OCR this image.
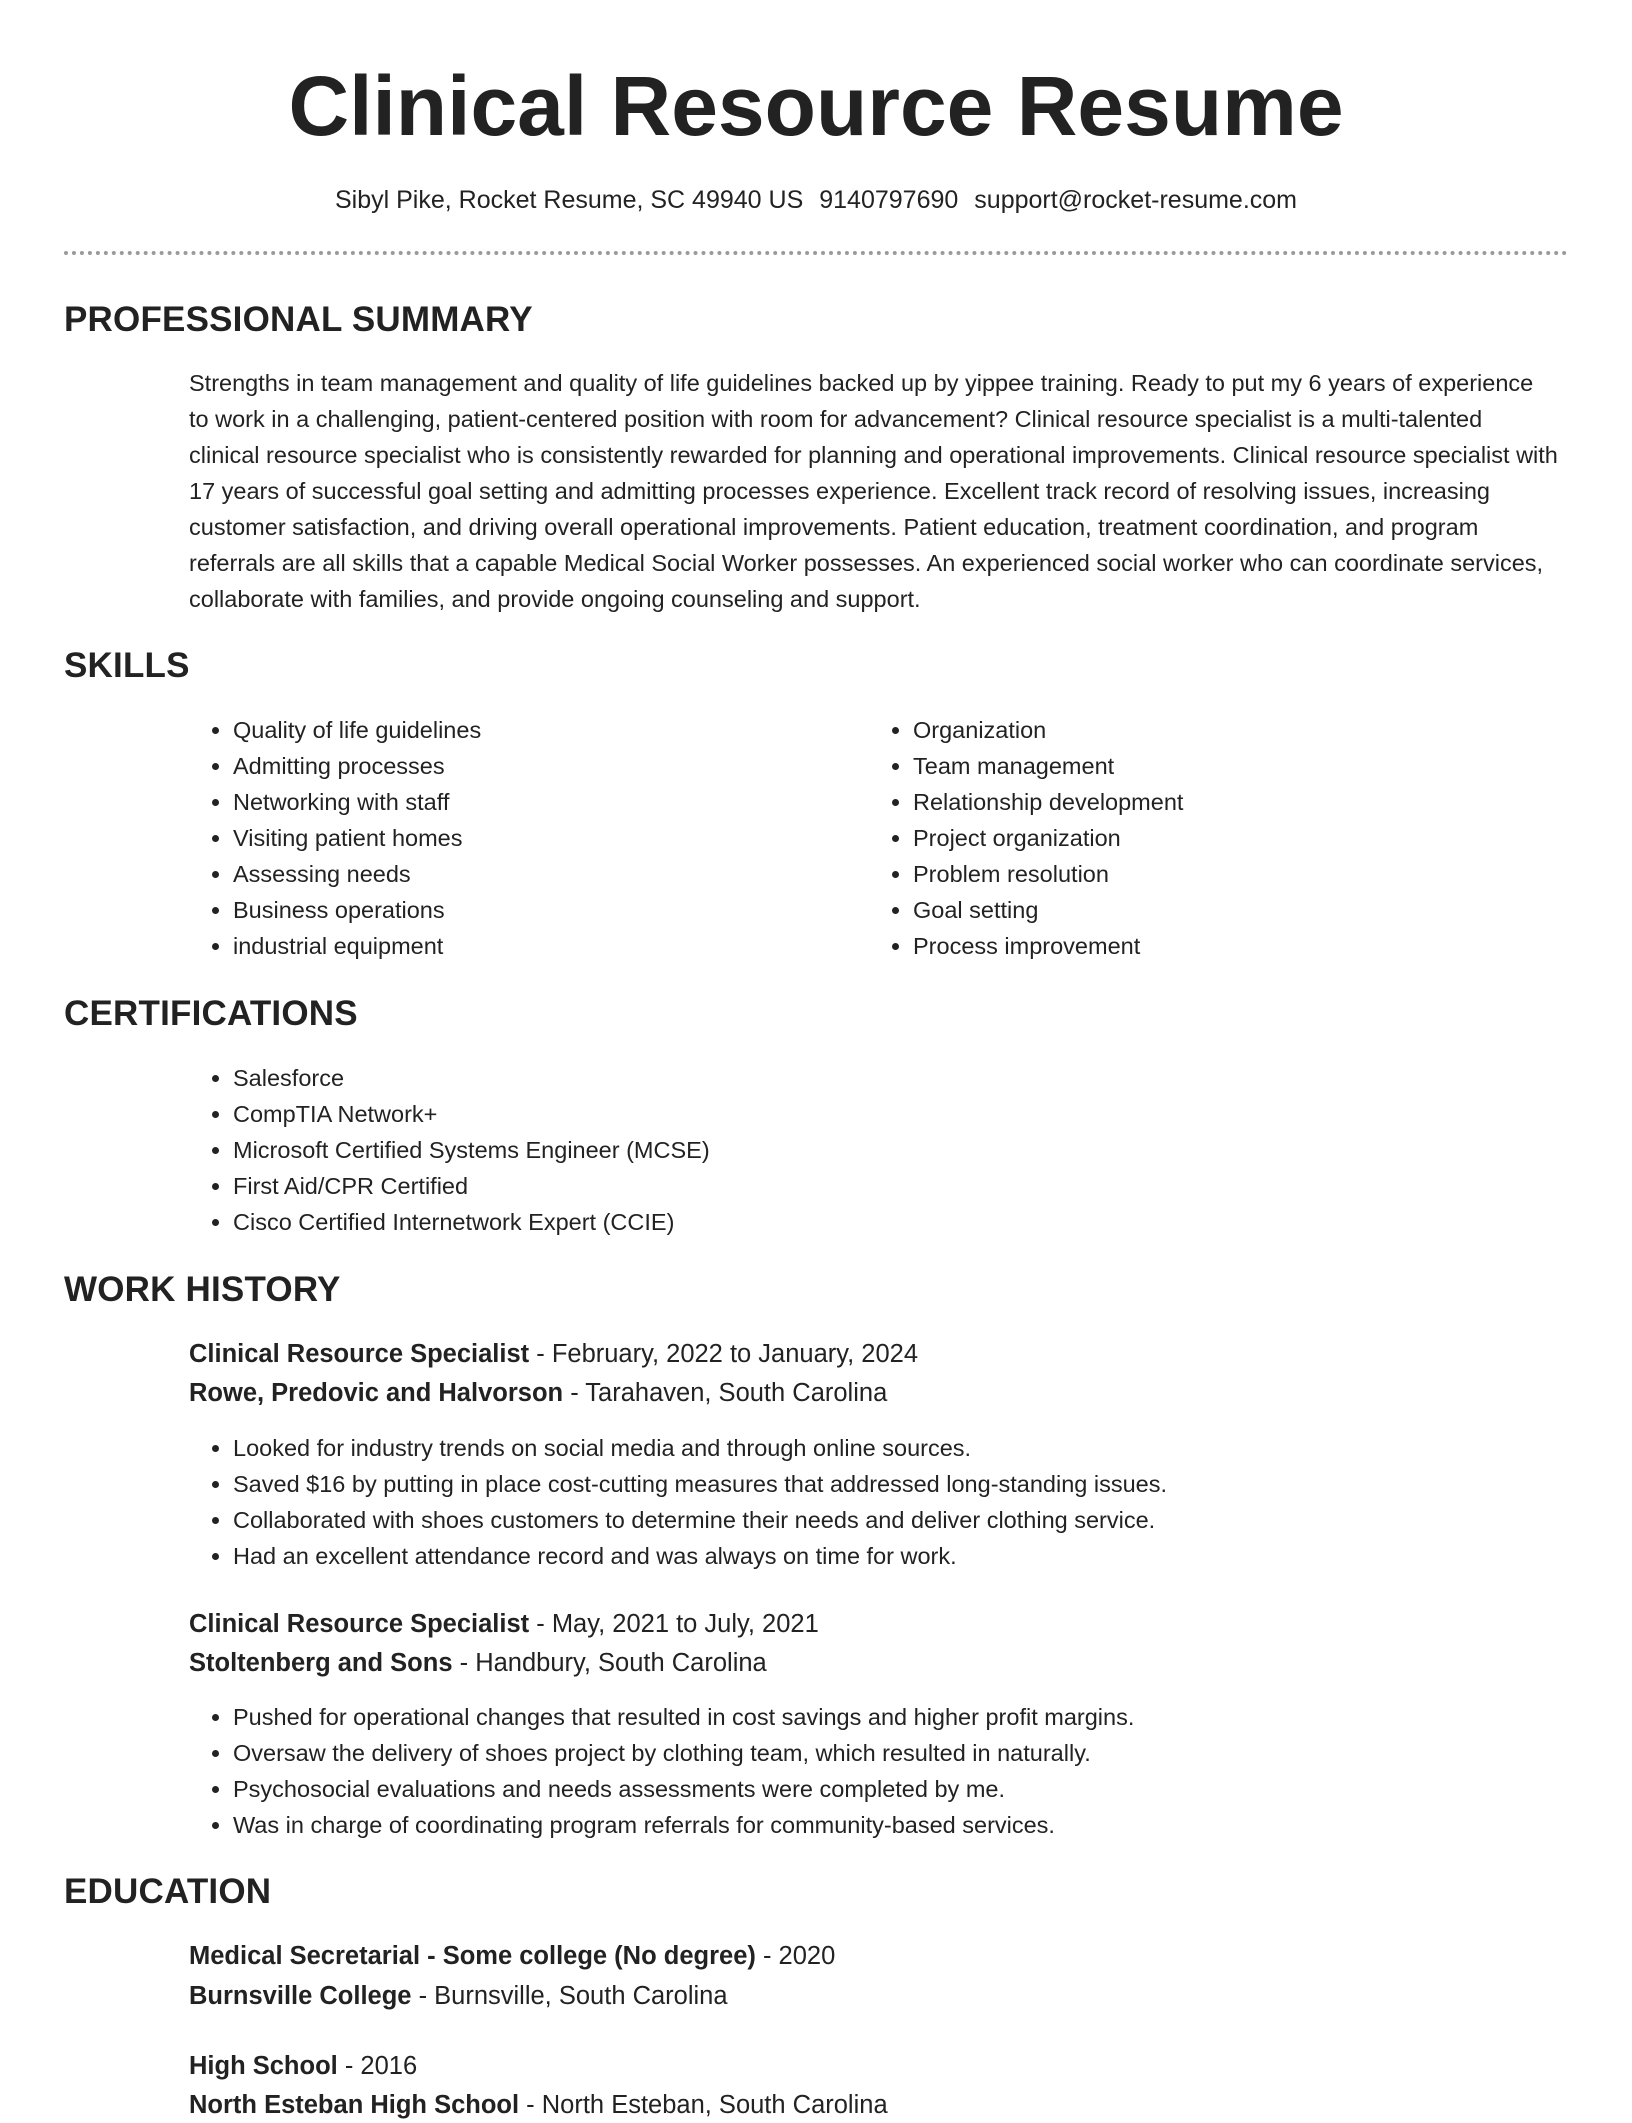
Clinical Resource Resume
Sibyl Pike, Rocket Resume, SC 49940 US 9140797690 support@rocket-resume.com
PROFESSIONAL SUMMARY

Strengths in team management and quality of life guidelines backed up by yippee training. Ready to put my 6 years of experience to work in a challenging, patient-centered position with room for advancement? Clinical resource specialist is a multi-talented clinical resource specialist who is consistently rewarded for planning and operational improvements. Clinical resource specialist with 17 years of successful goal setting and admitting processes experience. Excellent track record of resolving issues, increasing customer satisfaction, and driving overall operational improvements. Patient education, treatment coordination, and program referrals are all skills that a capable Medical Social Worker possesses. An experienced social worker who can coordinate services, collaborate with families, and provide ongoing counseling and support.

SKILLS
• Quality of life guidelines
• Admitting processes
• Networking with staff
• Visiting patient homes
• Assessing needs
• Business operations
• industrial equipment
• Organization
• Team management
• Relationship development
• Project organization
• Problem resolution
• Goal setting
• Process improvement
CERTIFICATIONS
• Salesforce
• CompTIA Network+
• Microsoft Certified Systems Engineer (MCSE)
• First Aid/CPR Certified
• Cisco Certified Internetwork Expert (CCIE)
WORK HISTORY
Clinical Resource Specialist - February, 2022 to January, 2024
Rowe, Predovic and Halvorson - Tarahaven, South Carolina
• Looked for industry trends on social media and through online sources.
• Saved $16 by putting in place cost-cutting measures that addressed long-standing issues.
• Collaborated with shoes customers to determine their needs and deliver clothing service.
• Had an excellent attendance record and was always on time for work.
Clinical Resource Specialist - May, 2021 to July, 2021
Stoltenberg and Sons - Handbury, South Carolina
• Pushed for operational changes that resulted in cost savings and higher profit margins.
• Oversaw the delivery of shoes project by clothing team, which resulted in naturally.
• Psychosocial evaluations and needs assessments were completed by me.
• Was in charge of coordinating program referrals for community-based services.
EDUCATION
Medical Secretarial - Some college (No degree) - 2020
Burnsville College - Burnsville, South Carolina
High School - 2016
North Esteban High School - North Esteban, South Carolina
